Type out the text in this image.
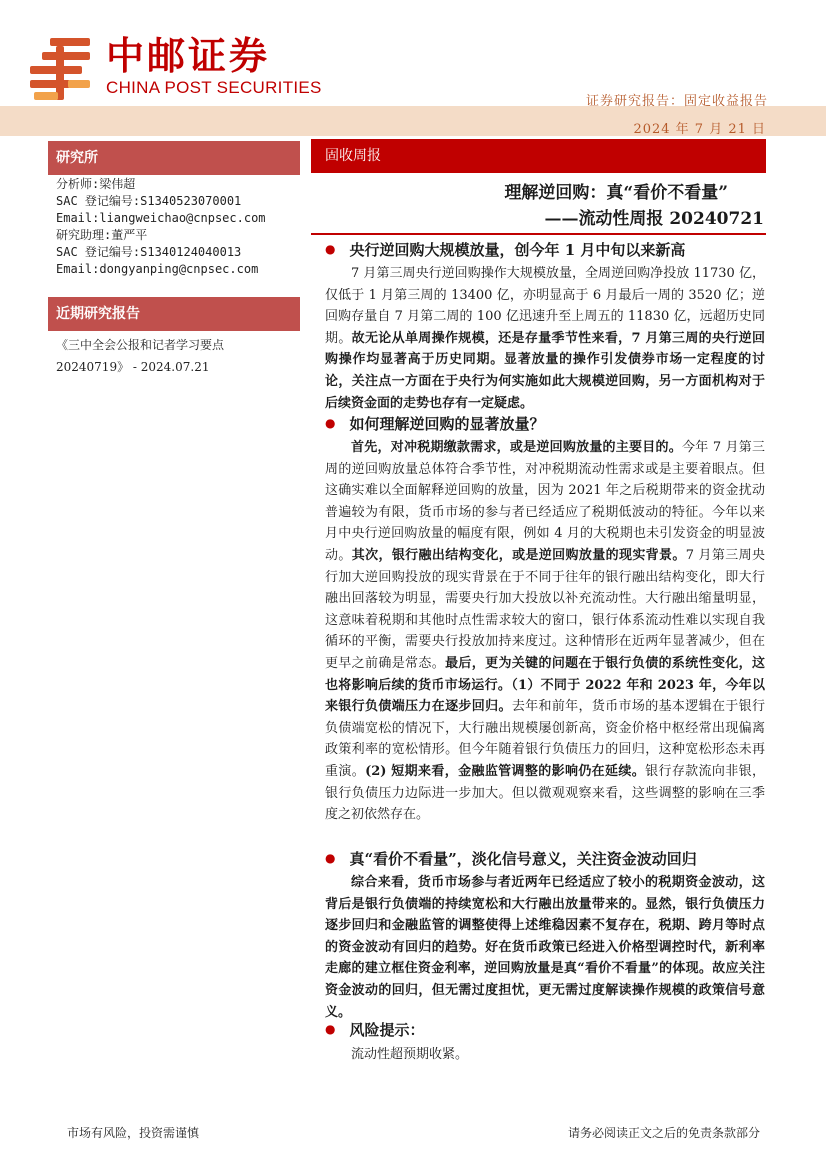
中邮证券
CHINA POST SECURITIES
证券研究报告：固定收益报告
2024 年 7 月 21 日
研究所
分析师:梁伟超
SAC 登记编号:S1340523070001
Email:liangweichao@cnpsec.com
研究助理:董严平
SAC 登记编号:S1340124040013
Email:dongyanping@cnpsec.com
近期研究报告
《三中全会公报和记者学习要点
20240719》 - 2024.07.21
固收周报
理解逆回购：真“看价不看量”
——流动性周报 20240721
● 央行逆回购大规模放量，创今年 1 月中旬以来新高
7 月第三周央行逆回购操作大规模放量，全周逆回购净投放 11730 亿，仅低于 1 月第三周的 13400 亿，亦明显高于 6 月最后一周的 3520 亿；逆回购存量自 7 月第二周的 100 亿迅速升至上周五的 11830 亿，远超历史同期。故无论从单周操作规模，还是存量季节性来看，7 月第三周的央行逆回购操作均显著高于历史同期。显著放量的操作引发债券市场一定程度的讨论，关注点一方面在于央行为何实施如此大规模逆回购，另一方面机构对于后续资金面的走势也存有一定疑虑。
● 如何理解逆回购的显著放量？
首先，对冲税期缴款需求，或是逆回购放量的主要目的。今年 7 月第三周的逆回购放量总体符合季节性，对冲税期流动性需求或是主要着眼点。但这确实难以全面解释逆回购的放量，因为 2021 年之后税期带来的资金扰动普遍较为有限，货币市场的参与者已经适应了税期低波动的特征。今年以来月中央行逆回购放量的幅度有限，例如 4 月的大税期也未引发资金的明显波动。其次，银行融出结构变化，或是逆回购放量的现实背景。7 月第三周央行加大逆回购投放的现实背景在于不同于往年的银行融出结构变化，即大行融出回落较为明显，需要央行加大投放以补充流动性。大行融出缩量明显，这意味着税期和其他时点性需求较大的窗口，银行体系流动性难以实现自我循环的平衡，需要央行投放加持来度过。这种情形在近两年显著减少，但在更早之前确是常态。最后，更为关键的问题在于银行负债的系统性变化，这也将影响后续的货币市场运行。（1）不同于 2022 年和 2023 年，今年以来银行负债端压力在逐步回归。去年和前年，货币市场的基本逻辑在于银行负债端宽松的情况下，大行融出规模屡创新高，资金价格中枢经常出现偏离政策利率的宽松情形。但今年随着银行负债压力的回归，这种宽松形态未再重演。(2) 短期来看，金融监管调整的影响仍在延续。银行存款流向非银，银行负债压力边际进一步加大。但以微观观察来看，这些调整的影响在三季度之初依然存在。
● 真“看价不看量”，淡化信号意义，关注资金波动回归
综合来看，货币市场参与者近两年已经适应了较小的税期资金波动，这背后是银行负债端的持续宽松和大行融出放量带来的。显然，银行负债压力逐步回归和金融监管的调整使得上述维稳因素不复存在，税期、跨月等时点的资金波动有回归的趋势。好在货币政策已经进入价格型调控时代，新利率走廊的建立框住资金利率，逆回购放量是真“看价不看量”的体现。故应关注资金波动的回归，但无需过度担忧，更无需过度解读操作规模的政策信号意义。
● 风险提示：
流动性超预期收紧。
市场有风险，投资需谨慎	请务必阅读正文之后的免责条款部分
